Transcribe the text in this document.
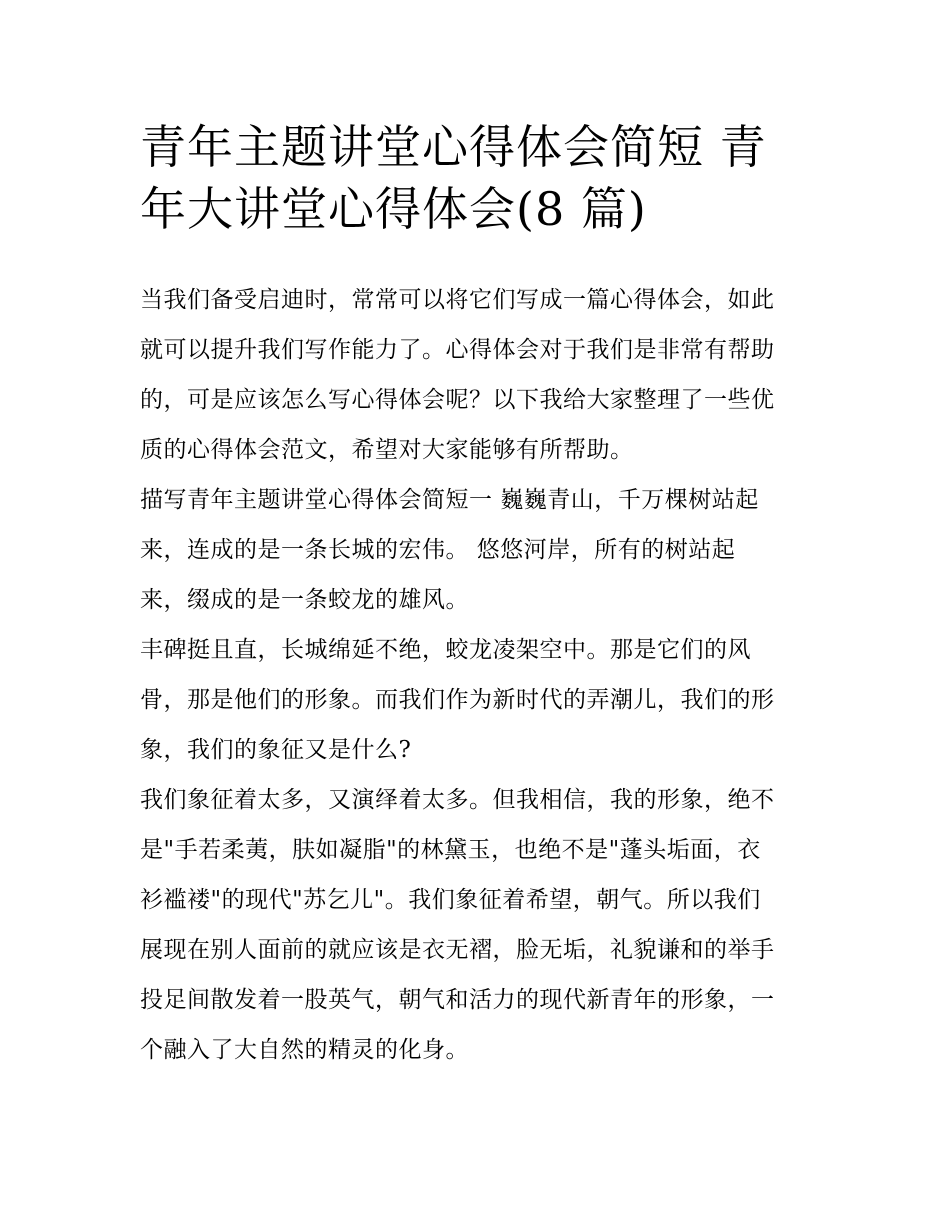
青年主题讲堂心得体会简短 青
年大讲堂心得体会(8 篇)

当我们备受启迪时，常常可以将它们写成一篇心得体会，如此
就可以提升我们写作能力了。心得体会对于我们是非常有帮助
的，可是应该怎么写心得体会呢？以下我给大家整理了一些优
质的心得体会范文，希望对大家能够有所帮助。

描写青年主题讲堂心得体会简短一 巍巍青山，千万棵树站起
来，连成的是一条长城的宏伟。 悠悠河岸，所有的树站起
来，缀成的是一条蛟龙的雄风。

丰碑挺且直，长城绵延不绝，蛟龙凌架空中。那是它们的风
骨，那是他们的形象。而我们作为新时代的弄潮儿，我们的形
象，我们的象征又是什么?

我们象征着太多，又演绎着太多。但我相信，我的形象，绝不
是"手若柔荑，肤如凝脂"的林黛玉，也绝不是"蓬头垢面，衣
衫褴褛"的现代"苏乞儿"。我们象征着希望，朝气。所以我们
展现在别人面前的就应该是衣无褶，脸无垢，礼貌谦和的举手
投足间散发着一股英气，朝气和活力的现代新青年的形象，一
个融入了大自然的精灵的化身。
